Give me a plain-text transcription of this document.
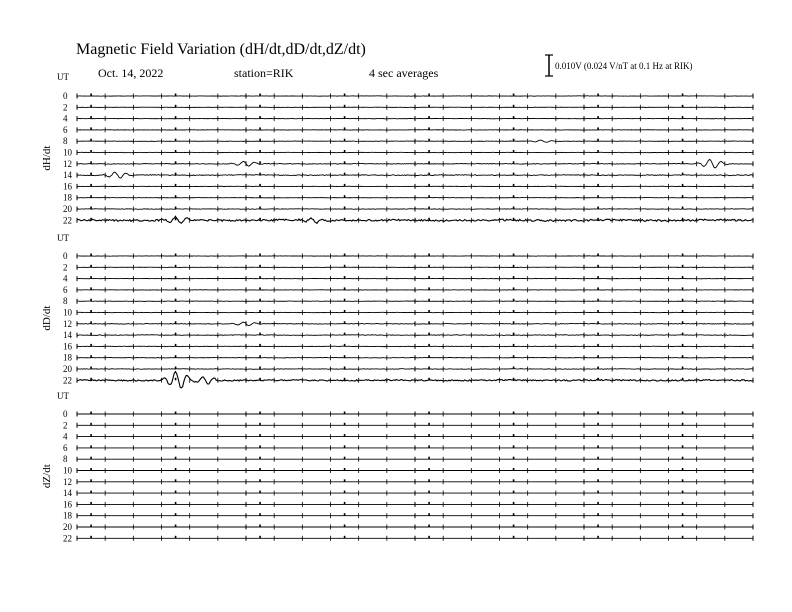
Magnetic Field Variation (dH/dt,dD/dt,dZ/dt)
Oct. 14, 2022	station=RIK	4 sec averages	0.010V (0.024 V/nT at 0.1 Hz at RIK)
UT
dH/dt
0
2
4
6
8
10
12
14
16
18
20
22
UT
dD/dt
0
2
4
6
8
10
12
14
16
18
20
22
UT
dZ/dt
0
2
4
6
8
10
12
14
16
18
20
22
